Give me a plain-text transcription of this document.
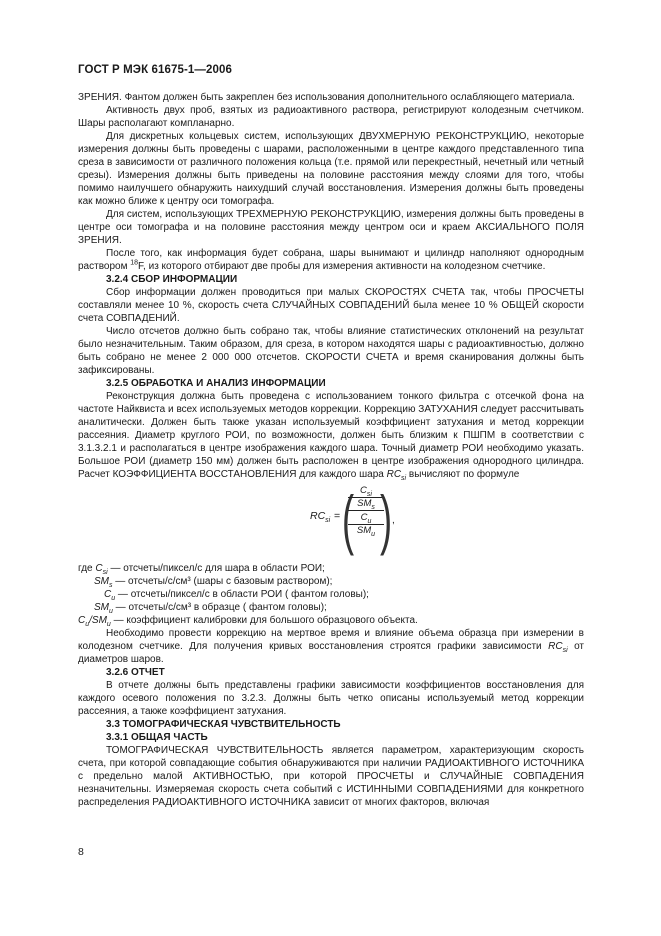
ГОСТ Р МЭК 61675-1—2006

ЗРЕНИЯ. Фантом должен быть закреплен без использования дополнительного ослабляющего материала.

Активность двух проб, взятых из радиоактивного раствора, регистрируют колодезным счетчиком. Шары располагают компланарно.

Для дискретных кольцевых систем, использующих ДВУХМЕРНУЮ РЕКОНСТРУКЦИЮ, некоторые измерения должны быть проведены с шарами, расположенными в центре каждого представленного типа среза в зависимости от различного положения кольца (т.е. прямой или перекрестный, нечетный или четный срезы). Измерения должны быть приведены на половине расстояния между слоями для того, чтобы помимо наилучшего обнаружить наихудший случай восстановления. Измерения должны быть проведены как можно ближе к центру оси томографа.

Для систем, использующих ТРЕХМЕРНУЮ РЕКОНСТРУКЦИЮ, измерения должны быть проведены в центре оси томографа и на половине расстояния между центром оси и краем АКСИАЛЬНОГО ПОЛЯ ЗРЕНИЯ.

После того, как информация будет собрана, шары вынимают и цилиндр наполняют однородным раствором $^{18}$F, из которого отбирают две пробы для измерения активности на колодезном счетчике.

3.2.4 СБОР ИНФОРМАЦИИ

Сбор информации должен проводиться при малых СКОРОСТЯХ СЧЕТА так, чтобы ПРОСЧЕТЫ составляли менее 10 %, скорость счета СЛУЧАЙНЫХ СОВПАДЕНИЙ была менее 10 % ОБЩЕЙ скорости счета СОВПАДЕНИЙ.

Число отсчетов должно быть собрано так, чтобы влияние статистических отклонений на результат было незначительным. Таким образом, для среза, в котором находятся шары с радиоактивностью, должно быть собрано не менее 2 000 000 отсчетов. СКОРОСТИ СЧЕТА и время сканирования должны быть зафиксированы.

3.2.5 ОБРАБОТКА И АНАЛИЗ ИНФОРМАЦИИ

Реконструкция должна быть проведена с использованием тонкого фильтра с отсечкой фона на частоте Найквиста и всех используемых методов коррекции. Коррекцию ЗАТУХАНИЯ следует рассчитывать аналитически. Должен быть также указан используемый коэффициент затухания и метод коррекции рассеяния. Диаметр круглого РОИ, по возможности, должен быть близким к ПШПМ в соответствии с 3.1.3.2.1 и располагаться в центре изображения каждого шара. Точный диаметр РОИ необходимо указать. Большое РОИ (диаметр 150 мм) должен быть расположен в центре изображения однородного цилиндра. Расчет КОЭФФИЦИЕНТА ВОССТАНОВЛЕНИЯ для каждого шара $RC_{si}$ вычисляют по формуле

$RC_{si}$ = ( $C_{si}$
$SM_s$
$C_u$
$SM_u$ ) ,

где $C_{si}$ — отсчеты/пиксел/с для шара в области РОИ;

$SM_s$ — отсчеты/с/см³ (шары с базовым раствором);

$C_u$ — отсчеты/пиксел/с в области РОИ ( фантом головы);

$SM_u$ — отсчеты/с/см³ в образце ( фантом головы);

$C_u/SM_u$ — коэффициент калибровки для большого образцового объекта.

Необходимо провести коррекцию на мертвое время и влияние объема образца при измерении в колодезном счетчике. Для получения кривых восстановления строятся графики зависимости $RC_{si}$ от диаметров шаров.

3.2.6 ОТЧЕТ

В отчете должны быть представлены графики зависимости коэффициентов восстановления для каждого осевого положения по 3.2.3. Должны быть четко описаны используемый метод коррекции рассеяния, а также коэффициент затухания.

3.3 ТОМОГРАФИЧЕСКАЯ ЧУВСТВИТЕЛЬНОСТЬ

3.3.1 ОБЩАЯ ЧАСТЬ

ТОМОГРАФИЧЕСКАЯ ЧУВСТВИТЕЛЬНОСТЬ является параметром, характеризующим скорость счета, при которой совпадающие события обнаруживаются при наличии РАДИОАКТИВНОГО ИСТОЧНИКА с предельно малой АКТИВНОСТЬЮ, при которой ПРОСЧЕТЫ и СЛУЧАЙНЫЕ СОВПАДЕНИЯ незначительны. Измеряемая скорость счета событий с ИСТИННЫМИ СОВПАДЕНИЯМИ для конкретного распределения РАДИОАКТИВНОГО ИСТОЧНИКА зависит от многих факторов, включая

8
